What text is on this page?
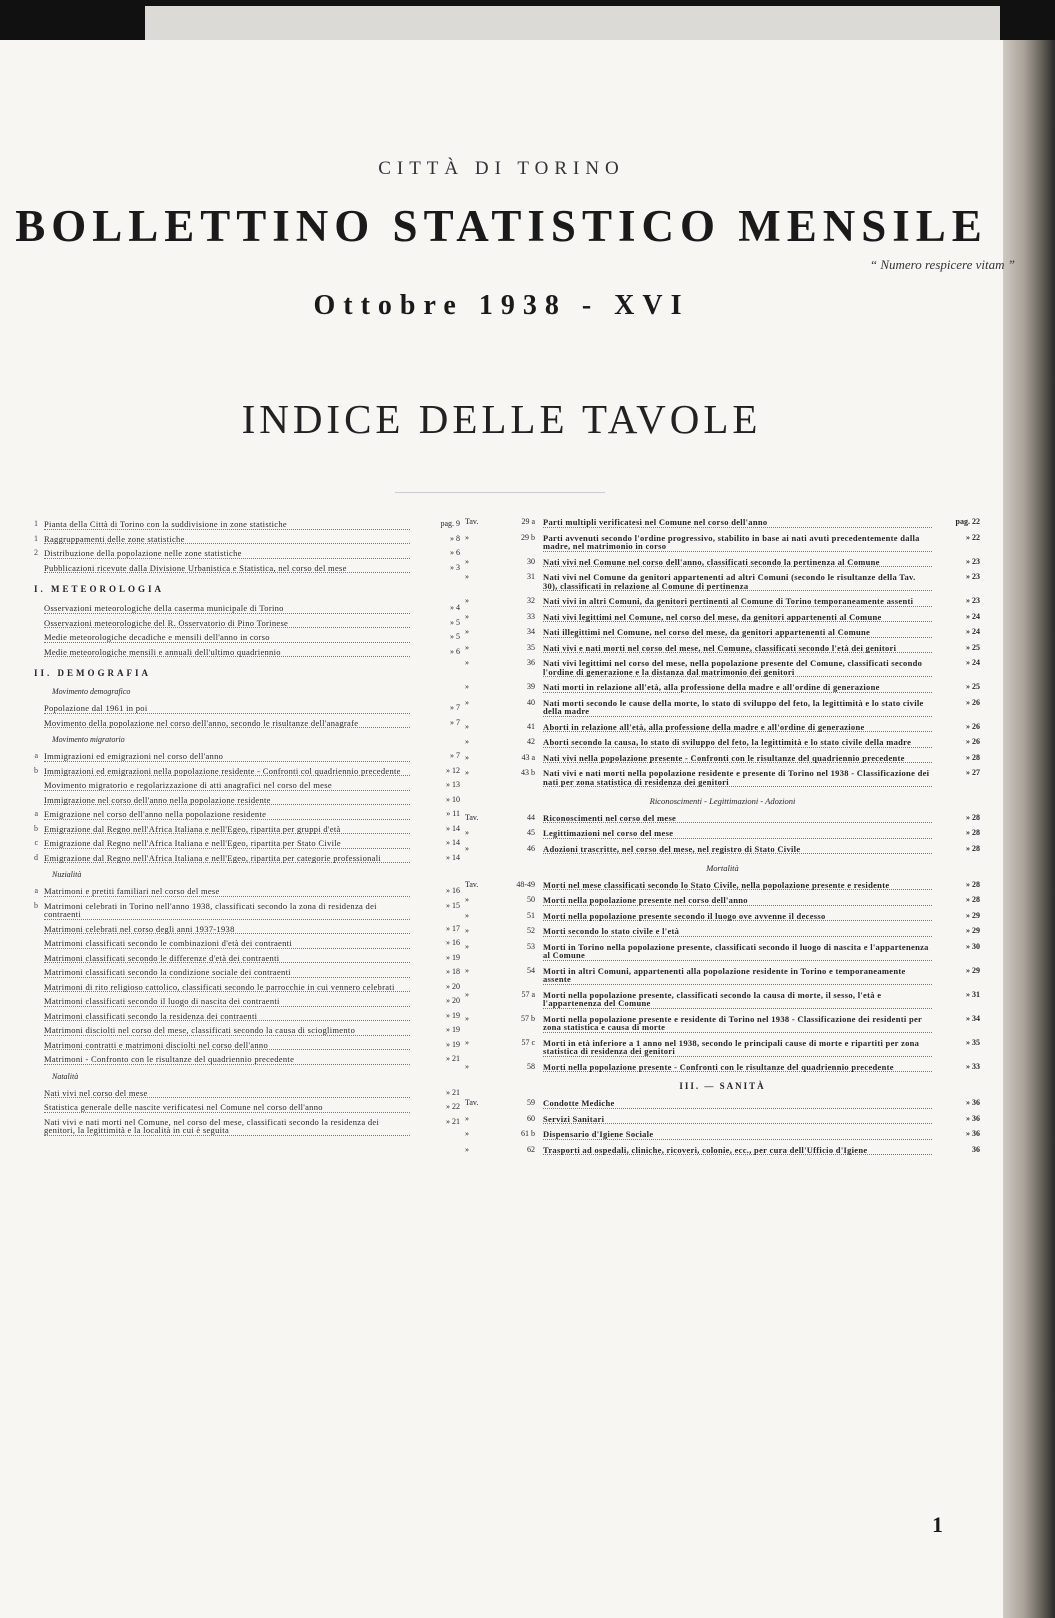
CITTÀ DI TORINO
BOLLETTINO STATISTICO MENSILE
“ Numero respicere vitam ”
Ottobre 1938 - XVI
INDICE DELLE TAVOLE
1 Pianta della Città di Torino con la suddivisione in zone statistiche	pag. 9
1 Raggruppamenti delle zone statistiche	» 8
2 Distribuzione della popolazione nelle zone statistiche	» 6
Pubblicazioni ricevute dalla Divisione Urbanistica e Statistica, nel corso del mese	» 3
I. METEOROLOGIA
Osservazioni meteorologiche della caserma municipale di Torino	» 4
Osservazioni meteorologiche del R. Osservatorio di Pino Torinese	» 5
Medie meteorologiche decadiche e mensili dell'anno in corso	» 5
Medie meteorologiche mensili e annuali dell'ultimo quadriennio	» 6
II. DEMOGRAFIA
Movimento demografico
Popolazione dal 1961 in poi	» 7
Movimento della popolazione nel corso dell'anno, secondo le risultanze dell'anagrafe	» 7
Movimento migratorio
a Immigrazioni ed emigrazioni nel corso dell'anno	» 7
b Immigrazioni ed emigrazioni nella popolazione residente - Confronti col quadriennio precedente	» 12
Movimento migratorio e regolarizzazione di atti anagrafici nel corso del mese	» 13
Immigrazione nel corso dell'anno nella popolazione residente	» 10
a Emigrazione nel corso dell'anno nella popolazione residente	» 11
b Emigrazione dal Regno nell'Africa Italiana e nell'Egeo, ripartita per gruppi d'età	» 14
c Emigrazione dal Regno nell'Africa Italiana e nell'Egeo, ripartita per Stato Civile	» 14
d Emigrazione dal Regno nell'Africa Italiana e nell'Egeo, ripartita per categorie professionali	» 14
Nuzialità
a Matrimoni e pretiti familiari nel corso del mese	» 16
b Matrimoni celebrati in Torino nell'anno 1938, classificati secondo la zona di residenza dei contraenti
» 15
Matrimoni celebrati nel corso degli anni 1937-1938	» 17
Matrimoni classificati secondo le combinazioni d'età dei contraenti	» 16
Matrimoni classificati secondo le differenze d'età dei contraenti	» 19
Matrimoni classificati secondo la condizione sociale dei contraenti	» 18
Matrimoni di rito religioso cattolico, classificati secondo le parrocchie in cui vennero celebrati	» 20
Matrimoni classificati secondo il luogo di nascita dei contraenti	» 20
Matrimoni classificati secondo la residenza dei contraenti	» 19
Matrimoni disciolti nel corso del mese, classificati secondo la causa di scioglimento	» 19
Matrimoni contratti e matrimoni disciolti nel corso dell'anno	» 19
Matrimoni - Confronto con le risultanze del quadriennio precedente	» 21
Natalità
Nati vivi nel corso del mese	» 21
Statistica generale delle nascite verificatesi nel Comune nel corso dell'anno	» 22
Nati vivi e nati morti nel Comune, nel corso del mese, classificati secondo la residenza dei genitori, la legittimità e la località in cui è seguita
» 21
Tav.	29 a Parti multipli verificatesi nel Comune nel corso dell'anno	pag. 22
»	29 b Parti avvenuti secondo l'ordine progressivo, stabilito in base ai nati avuti precedentemente dalla madre, nel matrimonio in corso
» 22
»	30 Nati vivi nel Comune nel corso dell'anno, classificati secondo la pertinenza al Comune	» 23
»	31 Nati vivi nel Comune da genitori appartenenti ad altri Comuni (secondo le risultanze della Tav. 30), classificati in relazione al Comune di pertinenza
» 23
»	32 Nati vivi in altri Comuni, da genitori pertinenti al Comune di Torino temporaneamente assenti	» 23
»	33 Nati vivi legittimi nel Comune, nel corso del mese, da genitori appartenenti al Comune	» 24
»	34 Nati illegittimi nel Comune, nel corso del mese, da genitori appartenenti al Comune	» 24
»	35 Nati vivi e nati morti nel corso del mese, nel Comune, classificati secondo l'età dei genitori	» 25
»	36 Nati vivi legittimi nel corso del mese, nella popolazione presente del Comune, classificati secondo l'ordine di generazione e la distanza dal matrimonio dei genitori
» 24
»	39 Nati morti in relazione all'età, alla professione della madre e all'ordine di generazione	» 25
»	40 Nati morti secondo le cause della morte, lo stato di sviluppo del feto, la legittimità e lo stato civile della madre
» 26
»	41 Aborti in relazione all'età, alla professione della madre e all'ordine di generazione	» 26
»	42 Aborti secondo la causa, lo stato di sviluppo del feto, la legittimità e lo stato civile della madre	» 26
»	43 a Nati vivi nella popolazione presente - Confronti con le risultanze del quadriennio precedente	» 28
»	43 b Nati vivi e nati morti nella popolazione residente e presente di Torino nel 1938 - Classificazione dei nati per zona statistica di residenza dei genitori
» 27
Riconoscimenti - Legittimazioni - Adozioni
Tav.	44 Riconoscimenti nel corso del mese	» 28
»	45 Legittimazioni nel corso del mese	» 28
»	46 Adozioni trascritte, nel corso del mese, nel registro di Stato Civile	» 28
Mortalità
Tav.	48-49 Morti nel mese classificati secondo lo Stato Civile, nella popolazione presente e residente	» 28
»	50 Morti nella popolazione presente nel corso dell'anno	» 28
»	51 Morti nella popolazione presente secondo il luogo ove avvenne il decesso	» 29
»	52 Morti secondo lo stato civile e l'età	» 29
»	53 Morti in Torino nella popolazione presente, classificati secondo il luogo di nascita e l'appartenenza al Comune
» 30
»	54 Morti in altri Comuni, appartenenti alla popolazione residente in Torino e temporaneamente assente
» 29
»	57 a Morti nella popolazione presente, classificati secondo la causa di morte, il sesso, l'età e l'appartenenza del Comune
» 31
»	57 b Morti nella popolazione presente e residente di Torino nel 1938 - Classificazione dei residenti per zona statistica e causa di morte
» 34
»	57 c Morti in età inferiore a 1 anno nel 1938, secondo le principali cause di morte e ripartiti per zona statistica di residenza dei genitori
» 35
»	58 Morti nella popolazione presente - Confronti con le risultanze del quadriennio precedente	» 33
III. — SANITÀ
Tav.	59 Condotte Mediche	» 36
»	60 Servizi Sanitari	» 36
»	61 b Dispensario d'Igiene Sociale	» 36
»	62 Trasporti ad ospedali, cliniche, ricoveri, colonie, ecc., per cura dell'Ufficio d'Igiene	36
1
